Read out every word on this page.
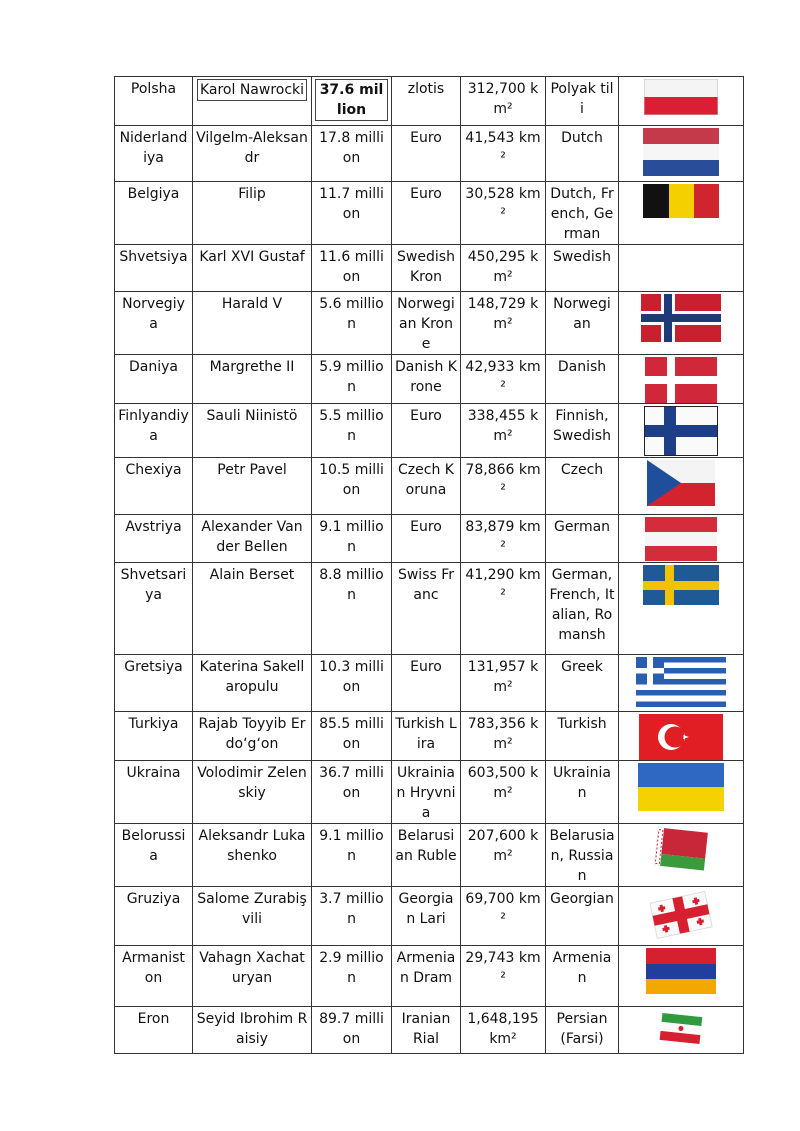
Polsha	Karol Nawrocki	37.6 million	zlotis	312,700 km²	Polyak tili	

Niderlandiya	Vilgelm-Aleksandr	17.8 million	Euro	41,543 km²	Dutch	

Belgiya	Filip	11.7 million	Euro	30,528 km²	Dutch, French, German	

Shvetsiya	Karl XVI Gustaf	11.6 million	Swedish Kron	450,295 km²	Swedish	
Norvegiya	Harald V	5.6 million	Norwegian Krone	148,729 km²	Norwegian	

Daniya	Margrethe II	5.9 million	Danish Krone	42,933 km²	Danish	

Finlyandiya	Sauli Niinistö	5.5 million	Euro	338,455 km²	Finnish, Swedish	

Chexiya	Petr Pavel	10.5 million	Czech Koruna	78,866 km²	Czech	

Avstriya	Alexander Van der Bellen	9.1 million	Euro	83,879 km²	German	

Shvetsariya	Alain Berset	8.8 million	Swiss Franc	41,290 km²	German, French, Italian, Romansh	

Gretsiya	Katerina Sakellaropulu	10.3 million	Euro	131,957 km²	Greek	

Turkiya	Rajab Toyyib Erdo‘g‘on	85.5 million	Turkish Lira	783,356 km²	Turkish	

Ukraina	Volodimir Zelenskiy	36.7 million	Ukrainian Hryvnia	603,500 km²	Ukrainian	

Belorussia	Aleksandr Lukashenko	9.1 million	Belarusian Ruble	207,600 km²	Belarusian, Russian	

Gruziya	Salome Zurabişvili	3.7 million	Georgian Lari	69,700 km²	Georgian	

Armaniston	Vahagn Xachaturyan	2.9 million	Armenian Dram	29,743 km²	Armenian	

Eron	Seyid Ibrohim Raisiy	89.7 million	Iranian Rial	1,648,195 km²	Persian (Farsi)	
